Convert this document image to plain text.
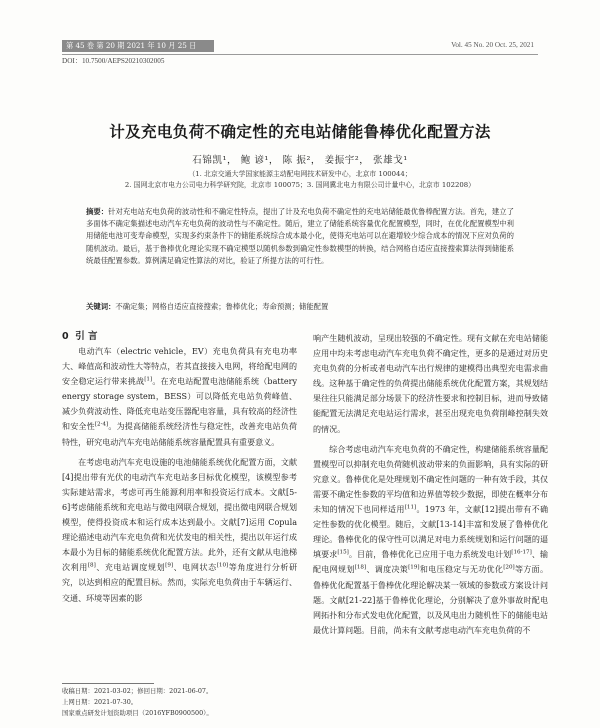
第 45 卷 第 20 期 2021 年 10 月 25 日	Vol. 45 No. 20 Oct. 25, 2021
DOI：10.7500/AEPS20210302005
计及充电负荷不确定性的充电站储能鲁棒优化配置方法
石锦凯¹， 鲍 谚¹， 陈 振²， 姜振宇²， 张雄戈¹
（1. 北京交通大学国家能源主动配电网技术研发中心，北京市 100044；
2. 国网北京市电力公司电力科学研究院，北京市 100075；3. 国网冀北电力有限公司计量中心，北京市 102208）
摘要：针对充电站充电负荷的波动性和不确定性特点，提出了计及充电负荷不确定性的充电站储能最优鲁棒配置方法。首先，建立了多面体不确定集描述电动汽车充电负荷的波动性与不确定性。随后，建立了储能系统容量优化配置模型，同时，在优化配置模型中利用储能电池可变寿命模型，实现多约束条件下的储能系统综合成本最小化，使得充电站可以在避增较少综合成本的情况下应对负荷的随机波动。最后，基于鲁棒优化理论实现不确定模型以随机参数到确定性参数模型的转换，结合网格自适应直接搜索算法得到储能系统最佳配置参数。算例满足确定性算法的对比，验证了所提方法的可行性。
关键词：不确定集；网格自适应直接搜索；鲁棒优化；寿命预测；储能配置

0 引 言

电动汽车（electric vehicle，EV）充电负荷具有充电功率大、峰值高和波动性大等特点，若其直接接入电网，将给配电网的安全稳定运行带来挑战[1]。在充电站配置电池储能系统（battery energy storage system，BESS）可以降低充电站负荷峰值、减少负荷波动性、降低充电站变压器配电容量，具有较高的经济性和安全性[2-4]。为提高储能系统经济性与稳定性，改善充电站负荷特性，研究电动汽车充电站储能系统容量配置具有重要意义。

在考虑电动汽车充电设施的电池储能系统优化配置方面，文献[4]提出带有光伏的电动汽车充电站多目标优化模型，该模型参考实际建站需求，考虑可再生能源利用率和投资运行成本。文献[5-6]考虑储能系统和充电站与微电网联合规划，提出微电网联合规划模型，使得投资成本和运行成本达到最小。文献[7]运用 Copula 理论描述电动汽车充电负荷和光伏发电的相关性，提出以年运行成本最小为目标的储能系统优化配置方法。此外，还有文献从电池梯次利用[8]、充电站调度规划[9]、电网状态[10]等角度进行分析研究，以达到相应的配置目标。然而，实际充电负荷由于车辆运行、交通、环境等因素的影

响产生随机波动，呈现出较强的不确定性。现有文献在充电站储能应用中均未考虑电动汽车充电负荷不确定性，更多的是通过对历史充电负荷的分析或者电动汽车出行规律的建模得出典型充电需求曲线。这种基于确定性的负荷提出储能系统优化配置方案，其规划结果往往只能满足部分场景下的经济性要求和控制目标，进而导致储能配置无法满足充电站运行需求，甚至出现充电负荷削峰控制失效的情况。

综合考虑电动汽车充电负荷的不确定性，构建储能系统容量配置模型可以抑制充电负荷随机波动带来的负面影响，具有实际的研究意义。鲁棒优化是处理规划不确定性问题的一种有效手段，其仅需要不确定性参数的平均值和边界值等较少数据，即使在概率分布未知的情况下也同样适用[11]。1973 年，文献[12]提出带有不确定性参数的优化模型。随后，文献[13-14]丰富和发展了鲁棒优化理论。鲁棒优化的保守性可以满足对电力系统规划和运行问题的逼填要求[15]。目前，鲁棒优化已应用于电力系统发电计划[16-17]、输配电网规划[18]、调度决策[19]和电压稳定与无功优化[20]等方面。鲁棒优化配置基于鲁棒优化理论解决某一领域的参数或方案设计问题。文献[21-22]基于鲁棒优化理论，分别解决了意外事故时配电网拓扑和分布式发电优化配置，以及风电出力随机性下的储能电站最优计算问题。目前，尚未有文献考虑电动汽车充电负荷的不

收稿日期：2021-03-02；修回日期：2021-06-07。
上网日期：2021-07-30。
国家重点研发计划资助项目（2016YFB0900500）。
